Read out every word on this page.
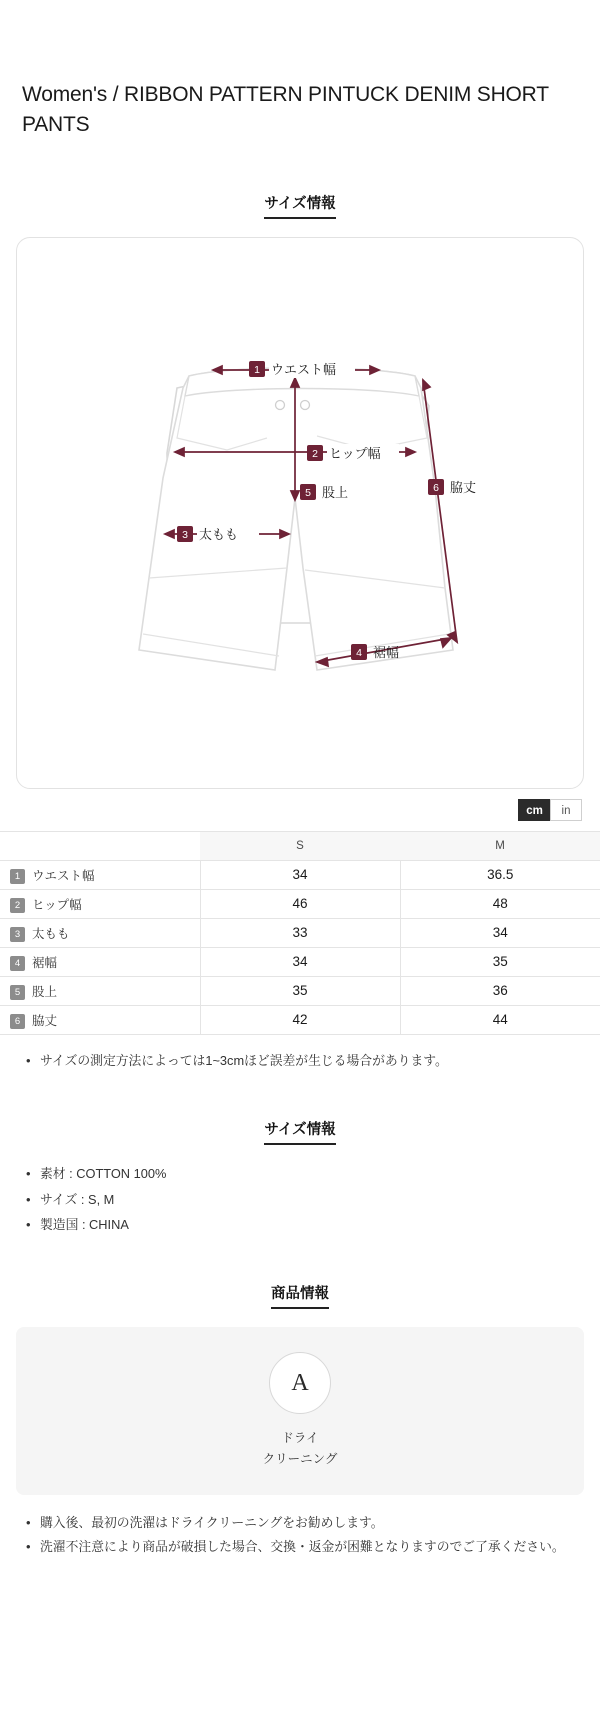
Women's / RIBBON PATTERN PINTUCK DENIM SHORT PANTS
サイズ情報
1 ウエスト幅
2 ヒップ幅
5 股上	6 脇丈
3 太もも
4 裾幅
cm	in
	S	M
1 ウエスト幅	34	36.5
2 ヒップ幅	46	48
3 太もも	33	34
4 裾幅	34	35
5 股上	35	36
6 脇丈	42	44
• サイズの測定方法によっては1~3cmほど誤差が生じる場合があります。
サイズ情報
• 素材 : COTTON 100%
• サイズ : S, M
• 製造国 : CHINA
商品情報
A
ドライ
クリーニング
• 購入後、最初の洗濯はドライクリーニングをお勧めします。
• 洗濯不注意により商品が破損した場合、交換・返金が困難となりますのでご了承ください。
